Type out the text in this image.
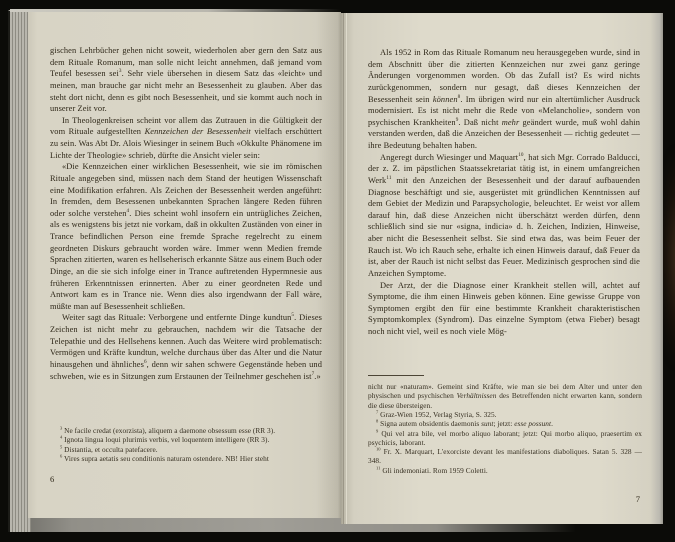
gischen Lehrbücher gehen nicht soweit, wiederholen aber gern den Satz aus dem Rituale Romanum, man solle nicht leicht annehmen, daß jemand vom Teufel besessen sei$^3$. Sehr viele übersehen in diesem Satz das «leicht» und meinen, man brauche gar nicht mehr an Besessenheit zu glauben. Aber das steht dort nicht, denn es gibt noch Besessenheit, und sie kommt auch noch in unserer Zeit vor.

In Theologenkreisen scheint vor allem das Zutrauen in die Gültigkeit der vom Rituale aufgestellten Kennzeichen der Besessenheit vielfach erschüttert zu sein. Was Abt Dr. Alois Wiesinger in seinem Buch «Okkulte Phänomene im Lichte der Theologie» schrieb, dürfte die Ansicht vieler sein:

«Die Kennzeichen einer wirklichen Besessenheit, wie sie im römischen Rituale angegeben sind, müssen nach dem Stand der heutigen Wissenschaft eine Modifikation erfahren. Als Zeichen der Besessenheit werden angeführt: In fremden, dem Besessenen unbekannten Sprachen längere Reden führen oder solche verstehen$^4$. Dies scheint wohl insofern ein untrügliches Zeichen, als es wenigstens bis jetzt nie vorkam, daß in okkulten Zuständen von einer in Trance befindlichen Person eine fremde Sprache regelrecht zu einem geordneten Diskurs gebraucht worden wäre. Immer wenn Medien fremde Sprachen zitierten, waren es hellseherisch erkannte Sätze aus einem Buch oder Dinge, an die sie sich infolge einer in Trance auftretenden Hypermnesie aus früheren Erkenntnissen erinnerten. Aber zu einer geordneten Rede und Antwort kam es in Trance nie. Wenn dies also irgendwann der Fall wäre, müßte man auf Besessenheit schließen.

Weiter sagt das Rituale: Verborgene und entfernte Dinge kundtun$^5$. Dieses Zeichen ist nicht mehr zu gebrauchen, nachdem wir die Tatsache der Telepathie und des Hellsehens kennen. Auch das Weitere wird problematisch: Vermögen und Kräfte kundtun, welche durchaus über das Alter und die Natur hinausgehen und ähnliches$^6$, denn wir sahen schwere Gegenstände heben und schweben, wie es in Sitzungen zum Erstaunen der Teilnehmer geschehen ist$^7$.»

$^3$ Ne facile credat (exorzista), aliquem a daemone obsessum esse (RR 3).

$^4$ Ignota lingua loqui plurimis verbis, vel loquentem intelligere (RR 3).

$^5$ Distantia, et occulta patefacere.

$^6$ Vires supra aetatis seu conditionis naturam ostendere. NB! Hier steht

6

Als 1952 in Rom das Rituale Romanum neu herausgegeben wurde, sind in dem Abschnitt über die zitierten Kennzeichen nur zwei ganz geringe Änderungen vorgenommen worden. Ob das Zufall ist? Es wird nichts zurückgenommen, sondern nur gesagt, daß dieses Kennzeichen der Besessenheit sein können$^8$. Im übrigen wird nur ein altertümlicher Ausdruck modernisiert. Es ist nicht mehr die Rede von «Melancholie», sondern von psychischen Krankheiten$^9$. Daß nicht mehr geändert wurde, muß wohl dahin verstanden werden, daß die Anzeichen der Besessenheit — richtig gedeutet — ihre Bedeutung behalten haben.

Angeregt durch Wiesinger und Maquart$^{10}$, hat sich Mgr. Corrado Balducci, der z. Z. im päpstlichen Staatssekretariat tätig ist, in einem umfangreichen Werk$^{11}$ mit den Anzeichen der Besessenheit und der darauf aufbauenden Diagnose beschäftigt und sie, ausgerüstet mit gründlichen Kenntnissen auf dem Gebiet der Medizin und Parapsychologie, beleuchtet. Er weist vor allem darauf hin, daß diese Anzeichen nicht überschätzt werden dürfen, denn schließlich sind sie nur «signa, indicia» d. h. Zeichen, Indizien, Hinweise, aber nicht die Besessenheit selbst. Sie sind etwa das, was beim Feuer der Rauch ist. Wo ich Rauch sehe, erhalte ich einen Hinweis darauf, daß Feuer da ist, aber der Rauch ist nicht selbst das Feuer. Medizinisch gesprochen sind die Anzeichen Symptome.

Der Arzt, der die Diagnose einer Krankheit stellen will, achtet auf Symptome, die ihm einen Hinweis geben können. Eine gewisse Gruppe von Symptomen ergibt den für eine bestimmte Krankheit charakteristischen Symptomkomplex (Syndrom). Das einzelne Symptom (etwa Fieber) besagt noch nicht viel, weil es noch viele Mög-

nicht nur «naturam». Gemeint sind Kräfte, wie man sie bei dem Alter und unter den physischen und psychischen Verhältnissen des Betreffenden nicht erwarten kann, sondern die diese übersteigen.

$^7$ Graz-Wien 1952, Verlag Styria, S. 325.

$^8$ Signa autem obsidentis daemonis sunt; jetzt: esse possunt.

$^9$ Qui vel atra bile, vel morbo aliquo laborant; jetzt: Qui morbo aliquo, praesertim ex psychicis, laborant.

$^{10}$ Fr. X. Marquart, L'exorciste devant les manifestations diaboliques. Satan 5. 328 — 348.

$^{11}$ Gli indemoniati. Rom 1959 Coletti.

7
